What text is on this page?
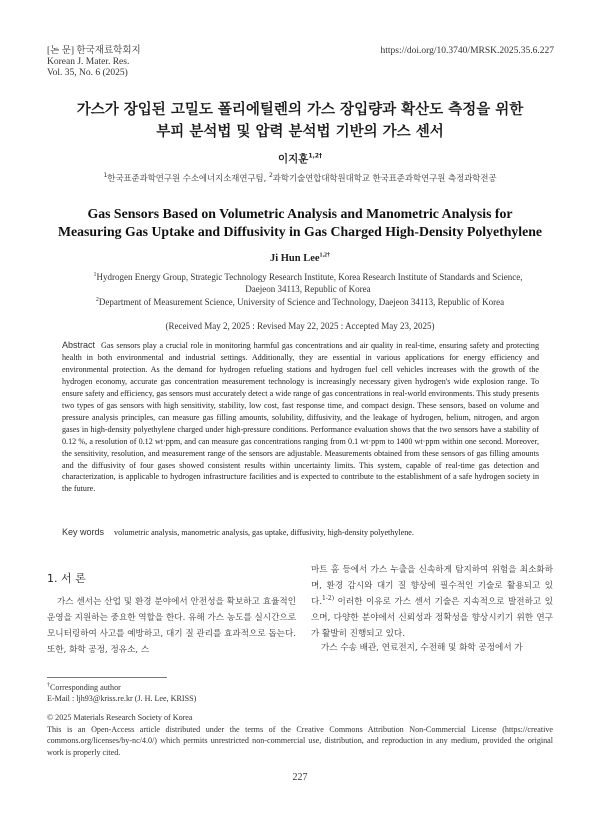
[논 문] 한국재료학회지
Korean J. Mater. Res.
Vol. 35, No. 6 (2025)
https://doi.org/10.3740/MRSK.2025.35.6.227
가스가 장입된 고밀도 폴리에틸렌의 가스 장입량과 확산도 측정을 위한
부피 분석법 및 압력 분석법 기반의 가스 센서
이지훈$^{1,2\dagger}$
$^1$한국표준과학연구원 수소에너지소재연구팀, $^2$과학기술연합대학원대학교 한국표준과학연구원 측정과학전공
Gas Sensors Based on Volumetric Analysis and Manometric Analysis for
Measuring Gas Uptake and Diffusivity in Gas Charged High-Density Polyethylene
Ji Hun Lee$^{1,2\dagger}$
$^1$Hydrogen Energy Group, Strategic Technology Research Institute, Korea Research Institute of Standards and Science,
Daejeon 34113, Republic of Korea
$^2$Department of Measurement Science, University of Science and Technology, Daejeon 34113, Republic of Korea
(Received May 2, 2025 : Revised May 22, 2025 : Accepted May 23, 2025)
Abstract Gas sensors play a crucial role in monitoring harmful gas concentrations and air quality in real-time, ensuring safety and protecting health in both environmental and industrial settings. Additionally, they are essential in various applications for energy efficiency and environmental protection. As the demand for hydrogen refueling stations and hydrogen fuel cell vehicles increases with the growth of the hydrogen economy, accurate gas concentration measurement technology is increasingly necessary given hydrogen's wide explosion range. To ensure safety and efficiency, gas sensors must accurately detect a wide range of gas concentrations in real-world environments. This study presents two types of gas sensors with high sensitivity, stability, low cost, fast response time, and compact design. These sensors, based on volume and pressure analysis principles, can measure gas filling amounts, solubility, diffusivity, and the leakage of hydrogen, helium, nitrogen, and argon gases in high-density polyethylene charged under high-pressure conditions. Performance evaluation shows that the two sensors have a stability of 0.12 %, a resolution of 0.12 wt·ppm, and can measure gas concentrations ranging from 0.1 wt·ppm to 1400 wt·ppm within one second. Moreover, the sensitivity, resolution, and measurement range of the sensors are adjustable. Measurements obtained from these sensors of gas filling amounts and the diffusivity of four gases showed consistent results within uncertainty limits. This system, capable of real-time gas detection and characterization, is applicable to hydrogen infrastructure facilities and is expected to contribute to the establishment of a safe hydrogen society in the future.
Key words volumetric analysis, manometric analysis, gas uptake, diffusivity, high-density polyethylene.
1. 서 론
가스 센서는 산업 및 환경 분야에서 안전성을 확보하고 효율적인 운영을 지원하는 중요한 역할을 한다. 유해 가스 농도를 실시간으로 모니터링하여 사고를 예방하고, 대기 질 관리를 효과적으로 돕는다. 또한, 화학 공정, 정유소, 스
마트 홈 등에서 가스 누출을 신속하게 탐지하여 위험을 최소화하며, 환경 감시와 대기 질 향상에 필수적인 기술로 활용되고 있다.$^{1-2)}$ 이러한 이유로 가스 센서 기술은 지속적으로 발전하고 있으며, 다양한 분야에서 신뢰성과 정확성을 향상시키기 위한 연구가 활발히 진행되고 있다.
가스 수송 배관, 연료전지, 수전해 및 화학 공정에서 가
†Corresponding author
E-Mail : ljh93@kriss.re.kr (J. H. Lee, KRISS)
© 2025 Materials Research Society of Korea
This is an Open-Access article distributed under the terms of the Creative Commons Attribution Non-Commercial License (https://creative commons.org/licenses/by-nc/4.0/) which permits unrestricted non-commercial use, distribution, and reproduction in any medium, provided the original work is properly cited.
227
